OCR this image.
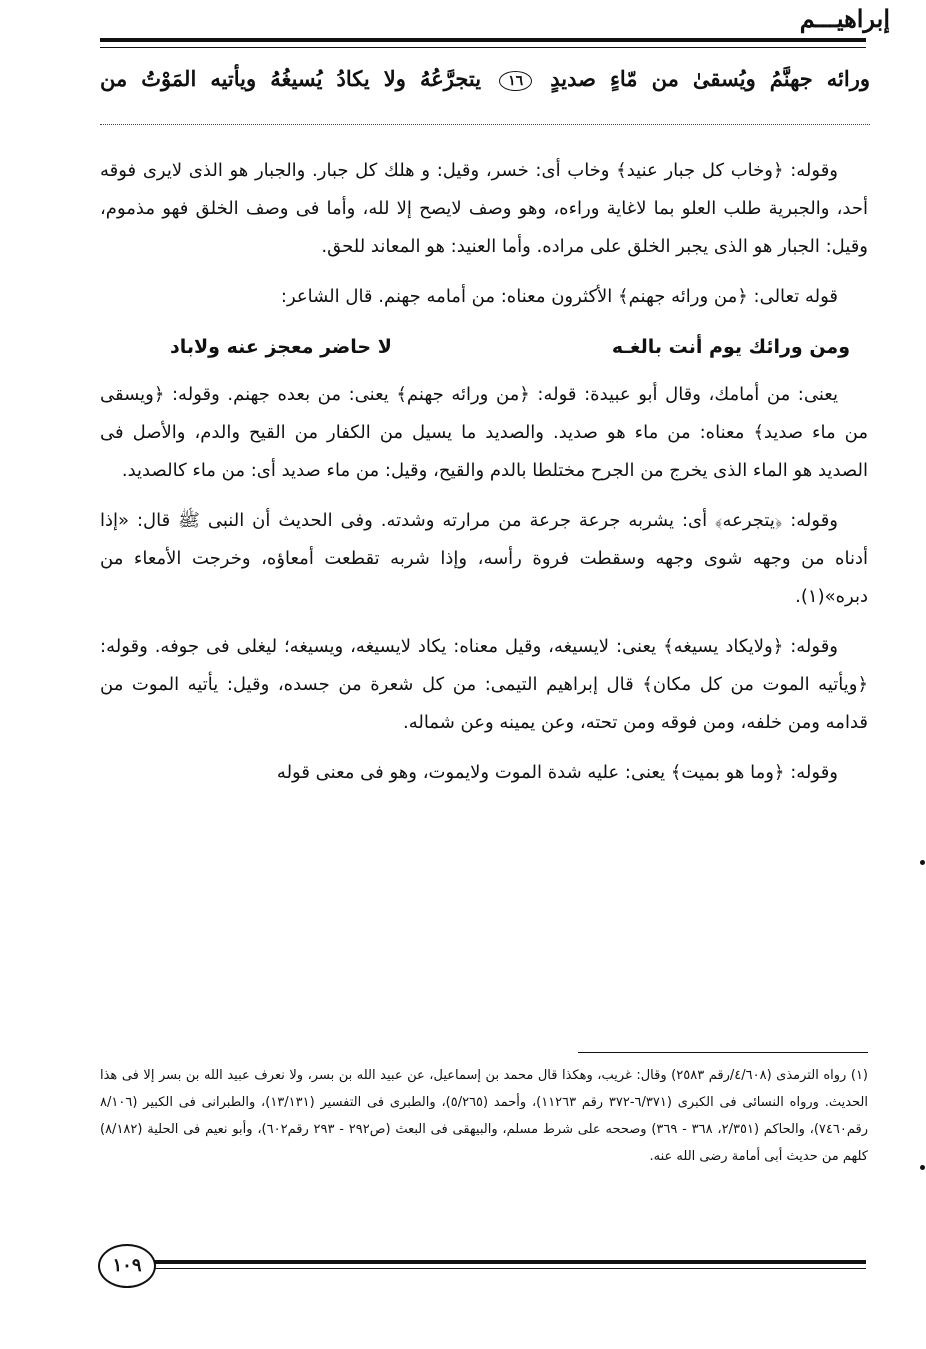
إبراهيـــم
ورائه جهنَّمُ ويُسقىٰ من مّاءٍ صديدٍ ١٦ يتجرَّعُهُ ولا يكادُ يُسيغُهُ ويأتيه المَوْتُ من

وقوله: ﴿وخاب كل جبار عنيد﴾ وخاب أى: خسر، وقيل: و هلك كل جبار. والجبار هو الذى لايرى فوقه أحد، والجبرية طلب العلو بما لاغاية وراءه، وهو وصف لايصح إلا لله، وأما فى وصف الخلق فهو مذموم، وقيل: الجبار هو الذى يجبر الخلق على مراده. وأما العنيد: هو المعاند للحق.

قوله تعالى: ﴿من ورائه جهنم﴾ الأكثرون معناه: من أمامه جهنم. قال الشاعر:

ومن ورائك يوم أنت بالغـه
لا حاضر معجز عنه ولاباد

يعنى: من أمامك، وقال أبو عبيدة: قوله: ﴿من ورائه جهنم﴾ يعنى: من بعده جهنم. وقوله: ﴿ويسقى من ماء صديد﴾ معناه: من ماء هو صديد. والصديد ما يسيل من الكفار من القيح والدم، والأصل فى الصديد هو الماء الذى يخرج من الجرح مختلطا بالدم والقيح، وقيل: من ماء صديد أى: من ماء كالصديد.

وقوله: ﴿يتجرعه﴾ أى: يشربه جرعة جرعة من مرارته وشدته. وفى الحديث أن النبى ﷺ قال: «إذا أدناه من وجهه شوى وجهه وسقطت فروة رأسه، وإذا شربه تقطعت أمعاؤه، وخرجت الأمعاء من دبره»(١).

وقوله: ﴿ولايكاد يسيغه﴾ يعنى: لايسيغه، وقيل معناه: يكاد لايسيغه، ويسيغه؛ ليغلى فى جوفه. وقوله: ﴿ويأتيه الموت من كل مكان﴾ قال إبراهيم التيمى: من كل شعرة من جسده، وقيل: يأتيه الموت من قدامه ومن خلفه، ومن فوقه ومن تحته، وعن يمينه وعن شماله.

وقوله: ﴿وما هو بميت﴾ يعنى: عليه شدة الموت ولايموت، وهو فى معنى قوله

(١) رواه الترمذى (٤/٦٠٨/رقم ٢٥٨٣) وقال: غريب، وهكذا قال محمد بن إسماعيل، عن عبيد الله بن بسر، ولا نعرف عبيد الله بن بسر إلا فى هذا الحديث. ورواه النسائى فى الكبرى (٦/٣٧١-٣٧٢ رقم ١١٢٦٣)، وأحمد (٥/٢٦٥)، والطبرى فى التفسير (١٣/١٣١)، والطبرانى فى الكبير (٨/١٠٦ رقم٧٤٦٠)، والحاكم (٢/٣٥١، ٣٦٨ - ٣٦٩) وصححه على شرط مسلم، والبيهقى فى البعث (ص٢٩٢ - ٢٩٣ رقم٦٠٢)، وأبو نعيم فى الحلية (٨/١٨٢) كلهم من حديث أبى أمامة رضى الله عنه.
١٠٩
